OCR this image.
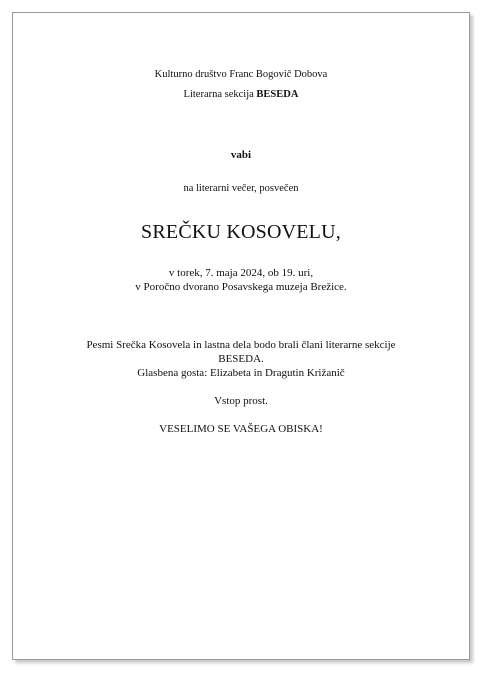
Kulturno društvo Franc Bogovič Dobova

Literarna sekcija BESEDA

vabi

na literarni večer, posvečen

SREČKU KOSOVELU,

v torek, 7. maja 2024, ob 19. uri,

v Poročno dvorano Posavskega muzeja Brežice.

Pesmi Srečka Kosovela in lastna dela bodo brali člani literarne sekcije

BESEDA.

Glasbena gosta: Elizabeta in Dragutin Križanič

Vstop prost.

VESELIMO SE VAŠEGA OBISKA!
